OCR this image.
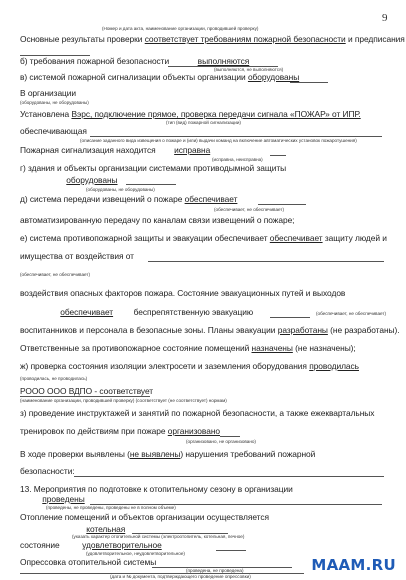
9
(Номер и дата акта, наименование организации, проводившей проверку)
Основные результаты проверки соответствует требованиям пожарной безопасности и предписания
б) требования пожарной безопасности	выполняются
(выполняются, не выполняются)
в) системой пожарной сигнализации объекты организации оборудованы
В организации
(оборудованы, не оборудованы)
Установлена Вэрс, подключение прямое, проверка передачи сигнала «ПОЖАР» от ИПР.
(тип (вид) пожарной сигнализации)
обеспечивающая
(описание заданного вида извещения о пожаре и (или) выдачи команд на включение автоматических установок пожаротушения)
Пожарная сигнализация находится исправна
(исправна, неисправна)
г) здания и объекты организации системами противодымной защиты
оборудованы
(оборудованы, не оборудованы)
д) система передачи извещений о пожаре обеспечивает
(обеспечивает, не обеспечивает)
автоматизированную передачу по каналам связи извещений о пожаре;
е) система противопожарной защиты и эвакуации обеспечивает обеспечивает защиту людей и
имущества от воздействия от
(обеспечивает, не обеспечивает)
воздействия опасных факторов пожара. Состояние эвакуационных путей и выходов
обеспечивает беспрепятственную эвакуацию	(обеспечивает, не обеспечивает)
воспитанников и персонала в безопасные зоны. Планы эвакуации разработаны (не разработаны).
Ответственные за противопожарное состояние помещений назначены (не назначены);
ж) проверка состояния изоляции электросети и заземления оборудования проводилась
(проводилась, не проводилась)
РООО ООО ВДПО - соответствует
(наименование организации, проводившей проверку) (соответствует (не соответствует) нормам)
з) проведение инструктажей и занятий по пожарной безопасности, а также ежеквартальных
тренировок по действиям при пожаре организовано
(организовано, не организовано)
В ходе проверки выявлены (не выявлены) нарушения требований пожарной
безопасности:
13. Мероприятия по подготовке к отопительному сезону в организации
проведены
(проведены, не проведены, проведены не в полном объеме)
Отопление помещений и объектов организации осуществляется
котельная
(указать характер отопительной системы (электроотопитель, котельная, печное)
состояние	удовлетворительное
(удовлетворительное, неудовлетворительное)
Опрессовка отопительной системы
(проведена, не проведена)
(дата и № документа, подтверждающего проведение опрессовки)
MAAM.RU
